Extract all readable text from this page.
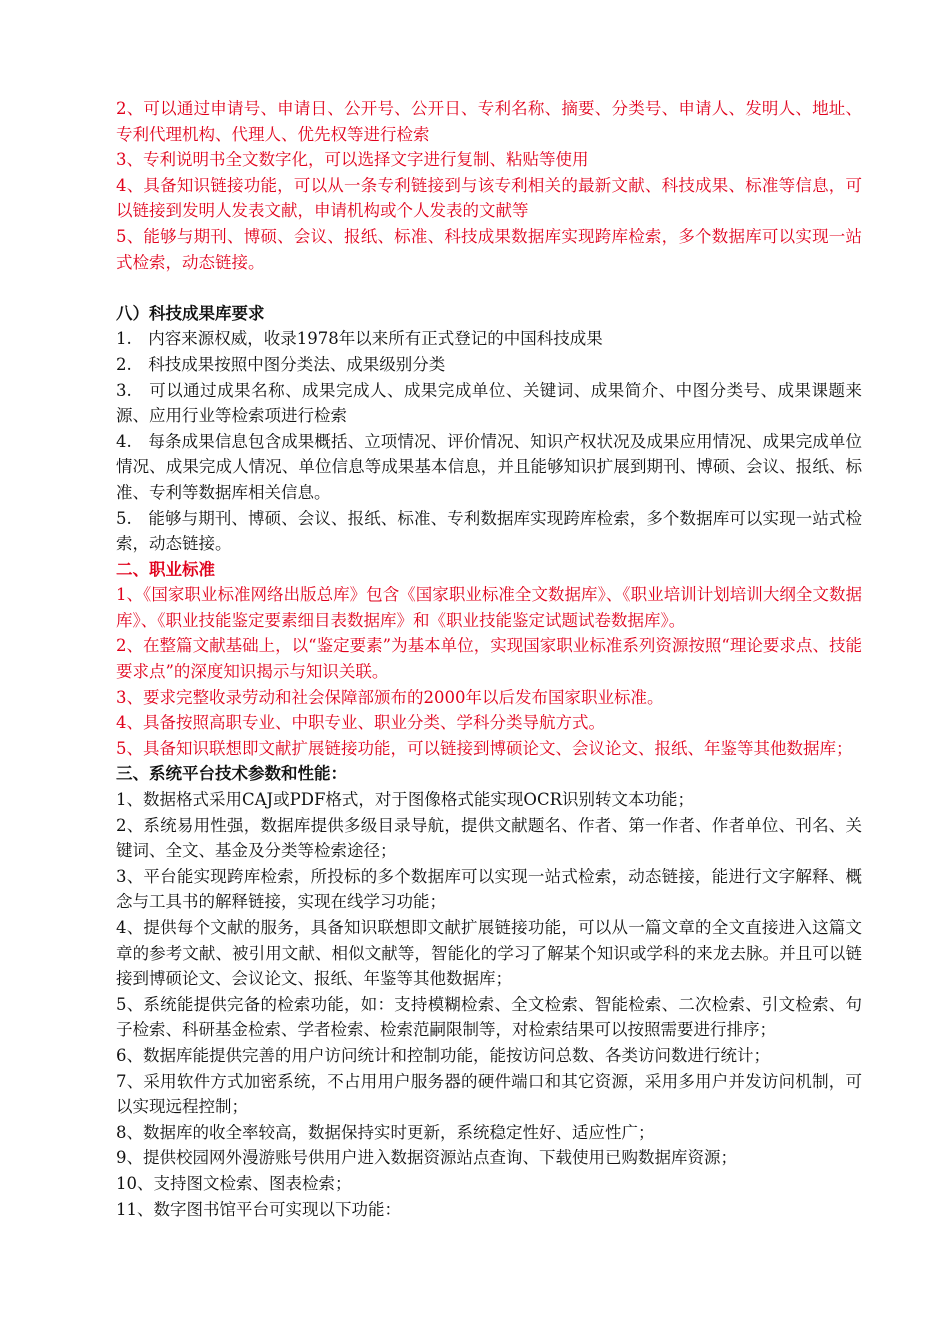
2、可以通过申请号、申请日、公开号、公开日、专利名称、摘要、分类号、申请人、发明人、地址、专利代理机构、代理人、优先权等进行检索

3、专利说明书全文数字化，可以选择文字进行复制、粘贴等使用

4、具备知识链接功能，可以从一条专利链接到与该专利相关的最新文献、科技成果、标准等信息，可以链接到发明人发表文献，申请机构或个人发表的文献等

5、能够与期刊、博硕、会议、报纸、标准、科技成果数据库实现跨库检索，多个数据库可以实现一站式检索，动态链接。

八）科技成果库要求

1.　内容来源权威，收录1978年以来所有正式登记的中国科技成果

2.　科技成果按照中图分类法、成果级别分类

3.　可以通过成果名称、成果完成人、成果完成单位、关键词、成果简介、中图分类号、成果课题来源、应用行业等检索项进行检索

4.　每条成果信息包含成果概括、立项情况、评价情况、知识产权状况及成果应用情况、成果完成单位情况、成果完成人情况、单位信息等成果基本信息，并且能够知识扩展到期刊、博硕、会议、报纸、标准、专利等数据库相关信息。

5.　能够与期刊、博硕、会议、报纸、标准、专利数据库实现跨库检索，多个数据库可以实现一站式检索，动态链接。

二、职业标准

1、《国家职业标准网络出版总库》包含《国家职业标准全文数据库》、《职业培训计划培训大纲全文数据库》、《职业技能鉴定要素细目表数据库》和《职业技能鉴定试题试卷数据库》。

2、在整篇文献基础上，以“鉴定要素”为基本单位，实现国家职业标准系列资源按照“理论要求点、技能要求点”的深度知识揭示与知识关联。

3、要求完整收录劳动和社会保障部颁布的2000年以后发布国家职业标准。

4、具备按照高职专业、中职专业、职业分类、学科分类导航方式。

5、具备知识联想即文献扩展链接功能，可以链接到博硕论文、会议论文、报纸、年鉴等其他数据库；

三、系统平台技术参数和性能：

1、数据格式采用CAJ或PDF格式，对于图像格式能实现OCR识别转文本功能；

2、系统易用性强，数据库提供多级目录导航，提供文献题名、作者、第一作者、作者单位、刊名、关键词、全文、基金及分类等检索途径；

3、平台能实现跨库检索，所投标的多个数据库可以实现一站式检索，动态链接，能进行文字解释、概念与工具书的解释链接，实现在线学习功能；

4、提供每个文献的服务，具备知识联想即文献扩展链接功能，可以从一篇文章的全文直接进入这篇文章的参考文献、被引用文献、相似文献等，智能化的学习了解某个知识或学科的来龙去脉。并且可以链接到博硕论文、会议论文、报纸、年鉴等其他数据库；

5、系统能提供完备的检索功能，如：支持模糊检索、全文检索、智能检索、二次检索、引文检索、句子检索、科研基金检索、学者检索、检索范嗣限制等，对检索结果可以按照需要进行排序；

6、数据库能提供完善的用户访问统计和控制功能，能按访问总数、各类访问数进行统计；

7、采用软件方式加密系统，不占用用户服务器的硬件端口和其它资源，采用多用户并发访问机制，可以实现远程控制；

8、数据库的收全率较高，数据保持实时更新，系统稳定性好、适应性广；

9、提供校园网外漫游账号供用户进入数据资源站点查询、下载使用已购数据库资源；

10、支持图文检索、图表检索；

11、数字图书馆平台可实现以下功能：
